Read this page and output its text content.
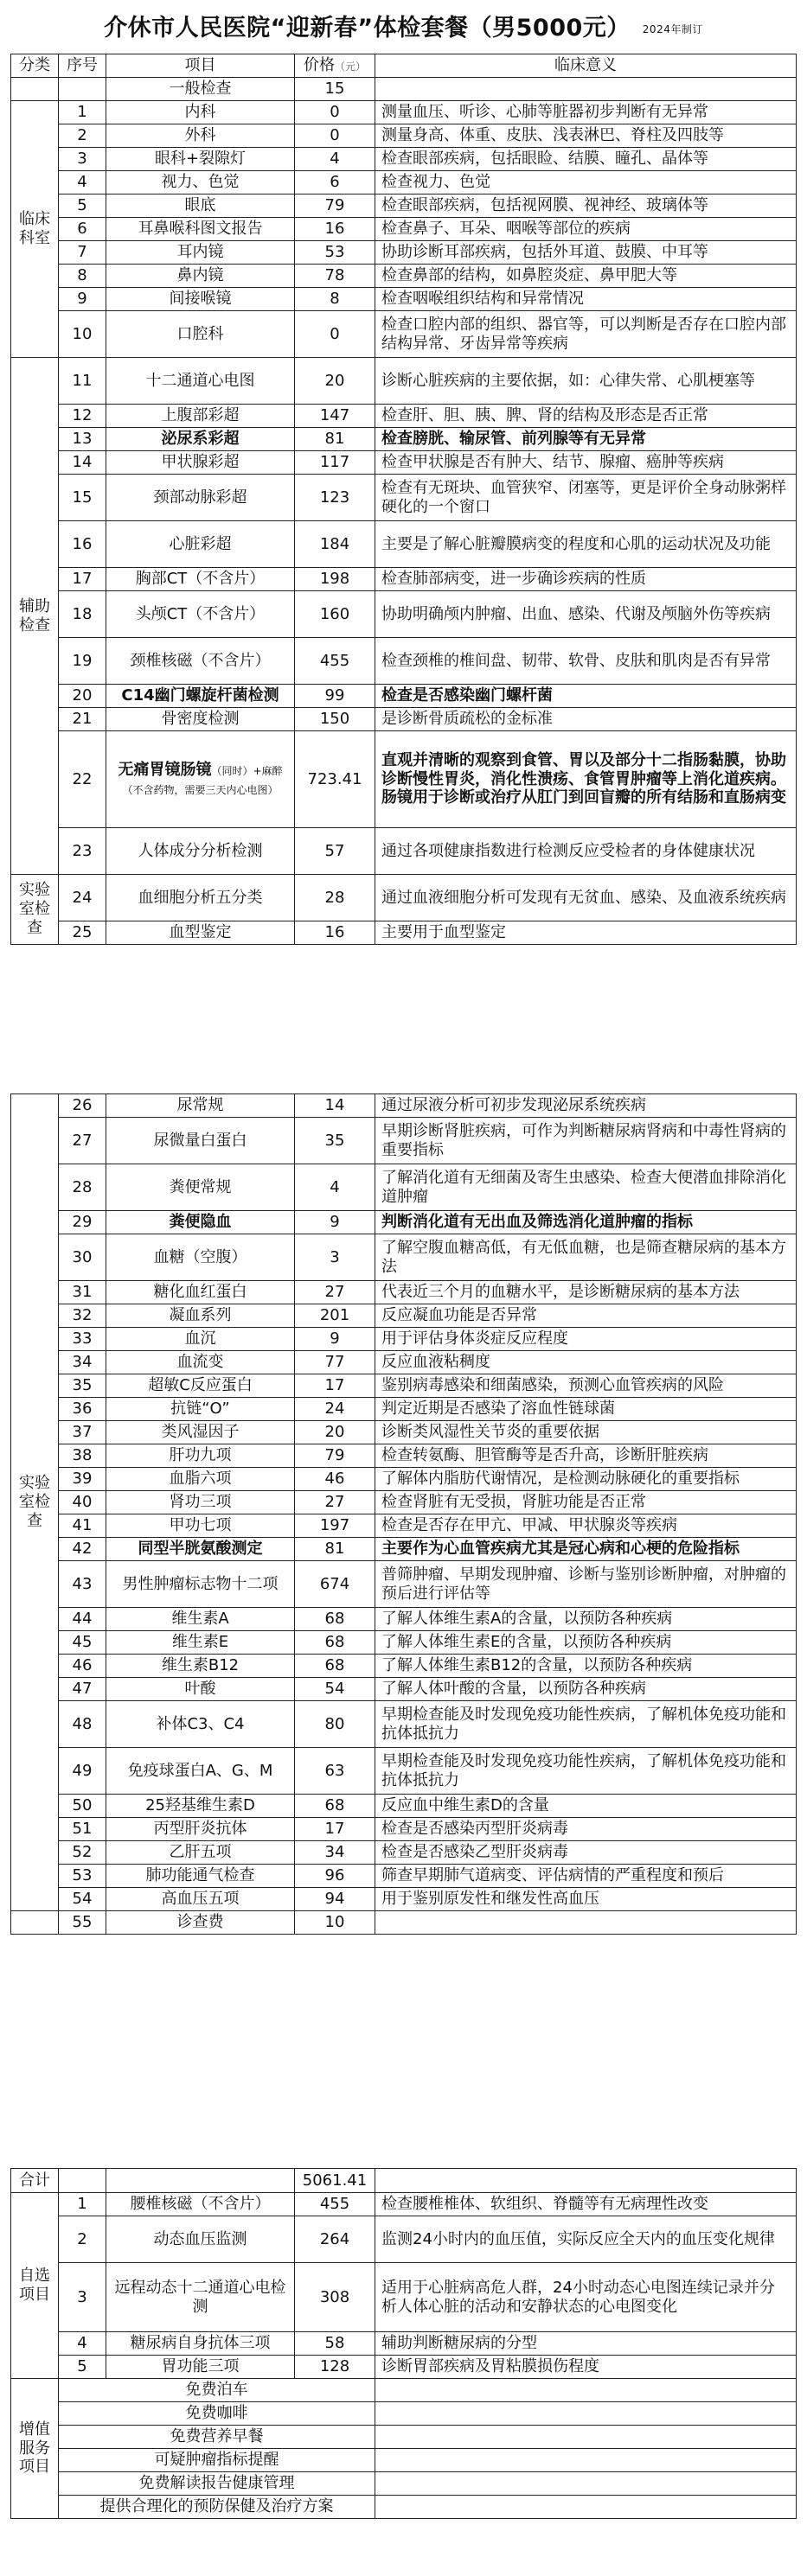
介休市人民医院“迎新春”体检套餐（男5000元） 2024年制订
分类	序号	项目	价格（元）	临床意义
		一般检查	15	
临床科室	1	内科	0	测量血压、听诊、心肺等脏器初步判断有无异常
	2	外科	0	测量身高、体重、皮肤、浅表淋巴、脊柱及四肢等
	3	眼科+裂隙灯	4	检查眼部疾病，包括眼睑、结膜、瞳孔、晶体等
	4	视力、色觉	6	检查视力、色觉
	5	眼底	79	检查眼部疾病，包括视网膜、视神经、玻璃体等
	6	耳鼻喉科图文报告	16	检查鼻子、耳朵、咽喉等部位的疾病
	7	耳内镜	53	协助诊断耳部疾病，包括外耳道、鼓膜、中耳等
	8	鼻内镜	78	检查鼻部的结构，如鼻腔炎症、鼻甲肥大等
	9	间接喉镜	8	检查咽喉组织结构和异常情况
	10	口腔科	0	检查口腔内部的组织、器官等，可以判断是否存在口腔内部结构异常、牙齿异常等疾病
辅助检查	11	十二通道心电图	20	诊断心脏疾病的主要依据，如：心律失常、心肌梗塞等
	12	上腹部彩超	147	检查肝、胆、胰、脾、肾的结构及形态是否正常
	13	泌尿系彩超	81	检查膀胱、输尿管、前列腺等有无异常
	14	甲状腺彩超	117	检查甲状腺是否有肿大、结节、腺瘤、癌肿等疾病
	15	颈部动脉彩超	123	检查有无斑块、血管狭窄、闭塞等，更是评价全身动脉粥样硬化的一个窗口
	16	心脏彩超	184	主要是了解心脏瓣膜病变的程度和心肌的运动状况及功能
	17	胸部CT（不含片）	198	检查肺部病变，进一步确诊疾病的性质
	18	头颅CT（不含片）	160	协助明确颅内肿瘤、出血、感染、代谢及颅脑外伤等疾病
	19	颈椎核磁（不含片）	455	检查颈椎的椎间盘、韧带、软骨、皮肤和肌肉是否有异常
	20	C14幽门螺旋杆菌检测	99	检查是否感染幽门螺杆菌
	21	骨密度检测	150	是诊断骨质疏松的金标准
	22	无痛胃镜肠镜（同时）+麻醉
（不含药物，需要三天内心电图）	723.41	直观并清晰的观察到食管、胃以及部分十二指肠黏膜，协助诊断慢性胃炎，消化性溃疡、食管胃肿瘤等上消化道疾病。肠镜用于诊断或治疗从肛门到回盲瓣的所有结肠和直肠病变
	23	人体成分分析检测	57	通过各项健康指数进行检测反应受检者的身体健康状况
实验室检查	24	血细胞分析五分类	28	通过血液细胞分析可发现有无贫血、感染、及血液系统疾病
	25	血型鉴定	16	主要用于血型鉴定
实验室检查	26	尿常规	14	通过尿液分析可初步发现泌尿系统疾病
	27	尿微量白蛋白	35	早期诊断肾脏疾病，可作为判断糖尿病肾病和中毒性肾病的重要指标
	28	粪便常规	4	了解消化道有无细菌及寄生虫感染、检查大便潜血排除消化道肿瘤
	29	粪便隐血	9	判断消化道有无出血及筛选消化道肿瘤的指标
	30	血糖（空腹）	3	了解空腹血糖高低，有无低血糖，也是筛查糖尿病的基本方法
	31	糖化血红蛋白	27	代表近三个月的血糖水平，是诊断糖尿病的基本方法
	32	凝血系列	201	反应凝血功能是否异常
	33	血沉	9	用于评估身体炎症反应程度
	34	血流变	77	反应血液粘稠度
	35	超敏C反应蛋白	17	鉴别病毒感染和细菌感染，预测心血管疾病的风险
	36	抗链“O”	24	判定近期是否感染了溶血性链球菌
	37	类风湿因子	20	诊断类风湿性关节炎的重要依据
	38	肝功九项	79	检查转氨酶、胆管酶等是否升高，诊断肝脏疾病
	39	血脂六项	46	了解体内脂肪代谢情况，是检测动脉硬化的重要指标
	40	肾功三项	27	检查肾脏有无受损，肾脏功能是否正常
	41	甲功七项	197	检查是否存在甲亢、甲减、甲状腺炎等疾病
	42	同型半胱氨酸测定	81	主要作为心血管疾病尤其是冠心病和心梗的危险指标
	43	男性肿瘤标志物十二项	674	普筛肿瘤、早期发现肿瘤、诊断与鉴别诊断肿瘤，对肿瘤的预后进行评估等
	44	维生素A	68	了解人体维生素A的含量，以预防各种疾病
	45	维生素E	68	了解人体维生素E的含量，以预防各种疾病
	46	维生素B12	68	了解人体维生素B12的含量，以预防各种疾病
	47	叶酸	54	了解人体叶酸的含量，以预防各种疾病
	48	补体C3、C4	80	早期检查能及时发现免疫功能性疾病，了解机体免疫功能和抗体抵抗力
	49	免疫球蛋白A、G、M	63	早期检查能及时发现免疫功能性疾病，了解机体免疫功能和抗体抵抗力
	50	25羟基维生素D	68	反应血中维生素D的含量
	51	丙型肝炎抗体	17	检查是否感染丙型肝炎病毒
	52	乙肝五项	34	检查是否感染乙型肝炎病毒
	53	肺功能通气检查	96	筛查早期肺气道病变、评估病情的严重程度和预后
	54	高血压五项	94	用于鉴别原发性和继发性高血压
	55	诊查费	10	
合计			5061.41	
自选项目	1	腰椎核磁（不含片）	455	检查腰椎椎体、软组织、脊髓等有无病理性改变
	2	动态血压监测	264	监测24小时内的血压值，实际反应全天内的血压变化规律
	3	远程动态十二通道心电检测	308	适用于心脏病高危人群，24小时动态心电图连续记录并分析人体心脏的活动和安静状态的心电图变化
	4	糖尿病自身抗体三项	58	辅助判断糖尿病的分型
	5	胃功能三项	128	诊断胃部疾病及胃粘膜损伤程度
增值服务项目	免费泊车			
	免费咖啡			
	免费营养早餐			
	可疑肿瘤指标提醒			
	免费解读报告健康管理			
	提供合理化的预防保健及治疗方案			
